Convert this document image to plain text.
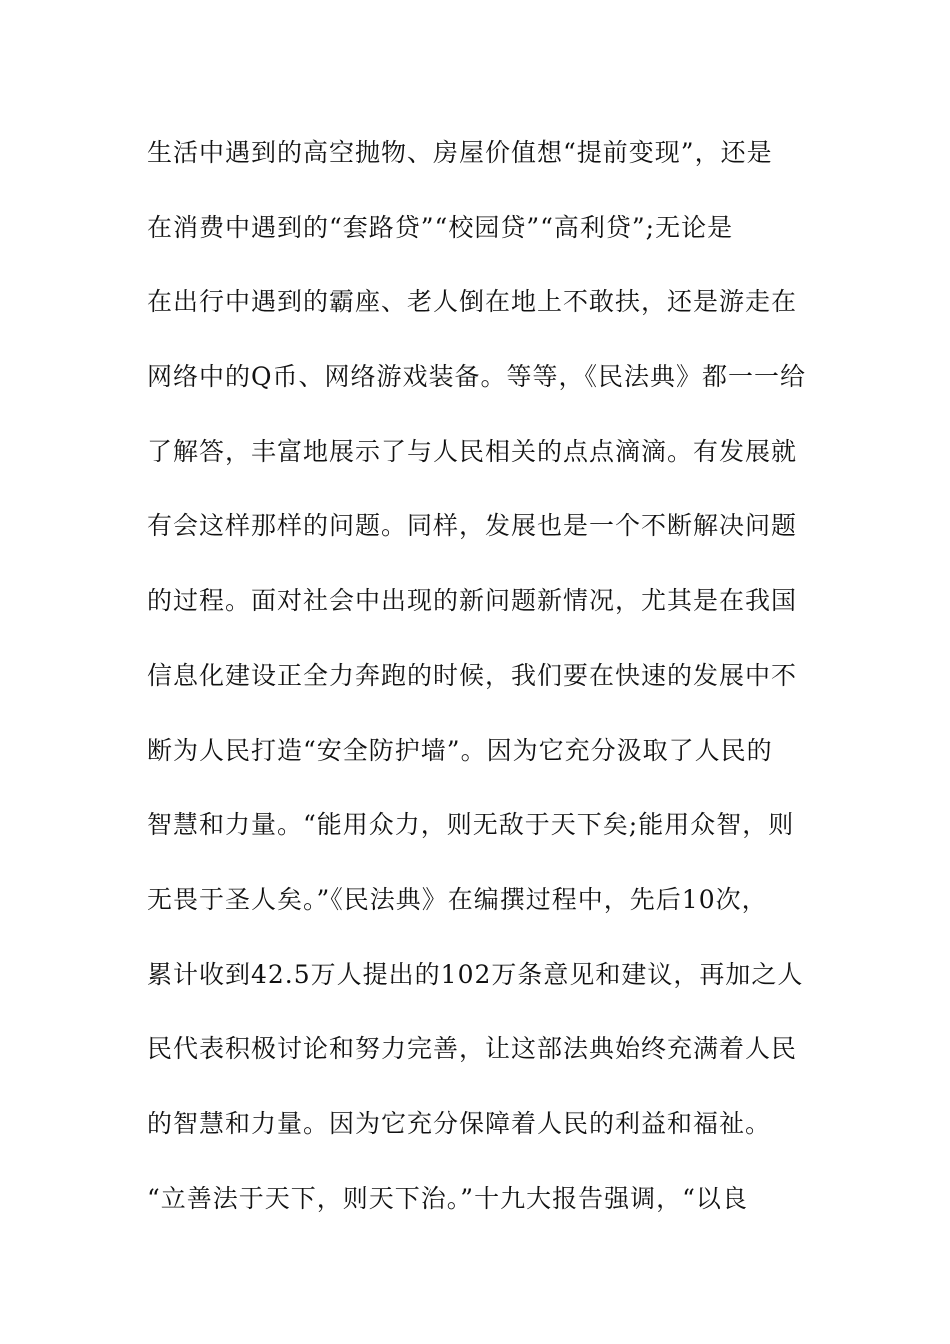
生活中遇到的高空抛物、房屋价值想“提前变现”，还是
在消费中遇到的“套路贷”“校园贷”“高利贷”;无论是
在出行中遇到的霸座、老人倒在地上不敢扶，还是游走在
网络中的Q币、网络游戏装备。等等，《民法典》都一一给
了解答，丰富地展示了与人民相关的点点滴滴。有发展就
有会这样那样的问题。同样，发展也是一个不断解决问题
的过程。面对社会中出现的新问题新情况，尤其是在我国
信息化建设正全力奔跑的时候，我们要在快速的发展中不
断为人民打造“安全防护墙”。因为它充分汲取了人民的
智慧和力量。“能用众力，则无敌于天下矣;能用众智，则
无畏于圣人矣。”《民法典》在编撰过程中，先后10次，
累计收到42.5万人提出的102万条意见和建议，再加之人
民代表积极讨论和努力完善，让这部法典始终充满着人民
的智慧和力量。因为它充分保障着人民的利益和福祉。
“立善法于天下，则天下治。”十九大报告强调，“以良
